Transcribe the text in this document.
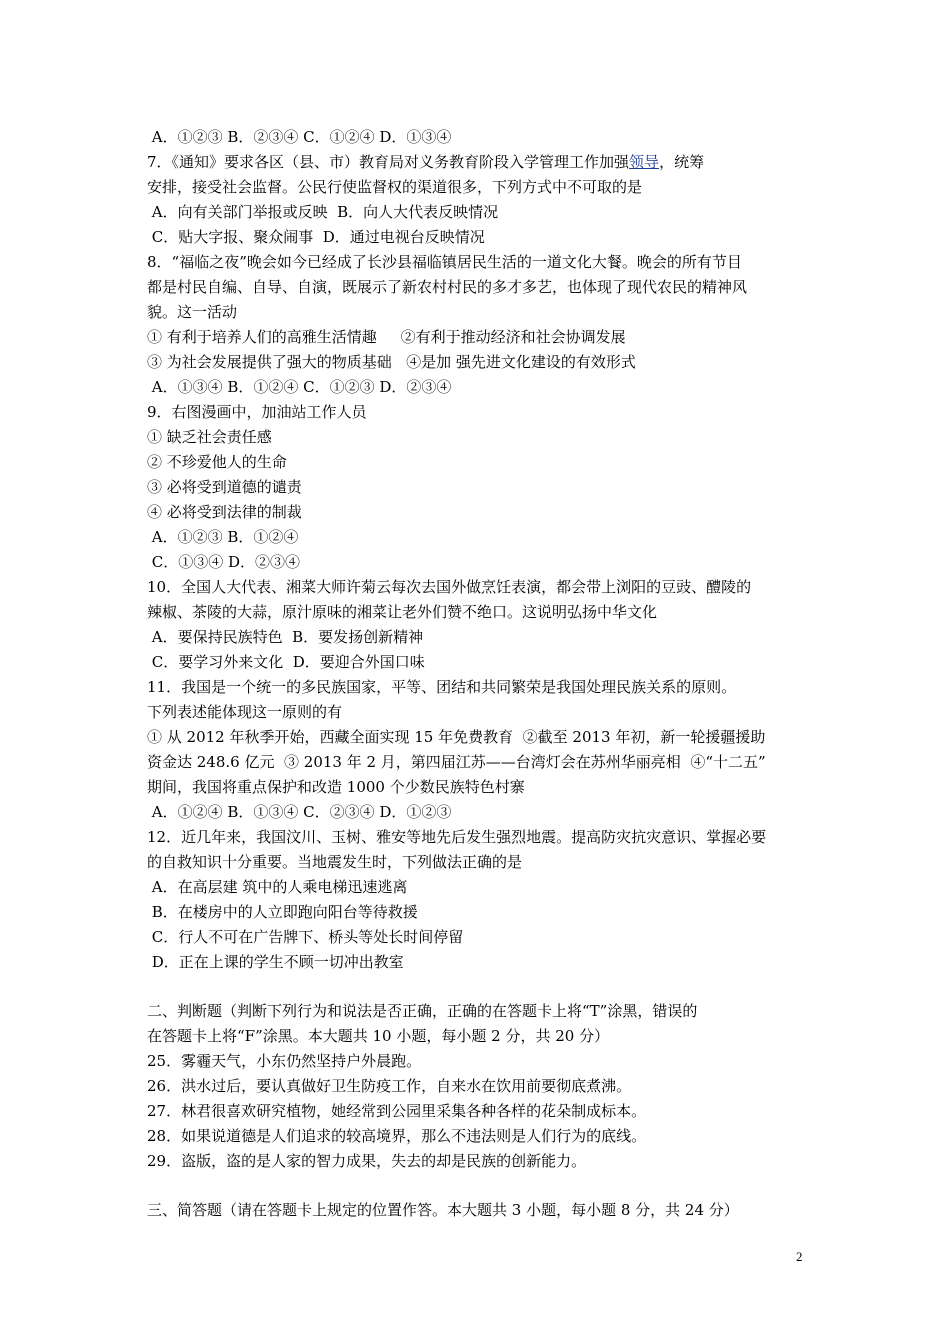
A．①②③ B．②③④ C．①②④ D．①③④
7．《通知》要求各区（县、市）教育局对义务教育阶段入学管理工作加强领导，统筹
安排，接受社会监督。公民行使监督权的渠道很多，下列方式中不可取的是
A．向有关部门举报或反映  B．向人大代表反映情况
C．贴大字报、聚众闹事  D．通过电视台反映情况
8．“福临之夜”晚会如今已经成了长沙县福临镇居民生活的一道文化大餐。晚会的所有节目
都是村民自编、自导、自演，既展示了新农村村民的多才多艺，也体现了现代农民的精神风
貌。这一活动
① 有利于培养人们的高雅生活情趣     ②有利于推动经济和社会协调发展
③ 为社会发展提供了强大的物质基础   ④是加 强先进文化建设的有效形式
A．①③④ B．①②④ C．①②③ D．②③④
9．右图漫画中，加油站工作人员
① 缺乏社会责任感
② 不珍爱他人的生命
③ 必将受到道德的谴责
④ 必将受到法律的制裁
A．①②③ B．①②④
C．①③④ D．②③④
10．全国人大代表、湘菜大师许菊云每次去国外做烹饪表演，都会带上浏阳的豆豉、醴陵的
辣椒、茶陵的大蒜，原汁原味的湘菜让老外们赞不绝口。这说明弘扬中华文化
A．要保持民族特色  B．要发扬创新精神
C．要学习外来文化  D．要迎合外国口味
11．我国是一个统一的多民族国家，平等、团结和共同繁荣是我国处理民族关系的原则。
下列表述能体现这一原则的有
① 从 2012 年秋季开始，西藏全面实现 15 年免费教育  ②截至 2013 年初，新一轮援疆援助
资金达 248.6 亿元  ③ 2013 年 2 月，第四届江苏——台湾灯会在苏州华丽亮相  ④“十二五”
期间，我国将重点保护和改造 1000 个少数民族特色村寨
A．①②④ B．①③④ C．②③④ D．①②③
12．近几年来，我国汶川、玉树、雅安等地先后发生强烈地震。提高防灾抗灾意识、掌握必要
的自救知识十分重要。当地震发生时，下列做法正确的是
A．在高层建 筑中的人乘电梯迅速逃离
B．在楼房中的人立即跑向阳台等待救援
C．行人不可在广告牌下、桥头等处长时间停留
D．正在上课的学生不顾一切冲出教室
二、判断题（判断下列行为和说法是否正确，正确的在答题卡上将“T”涂黑，错误的
在答题卡上将“F”涂黑。本大题共 10 小题，每小题 2 分，共 20 分）
25．雾霾天气，小东仍然坚持户外晨跑。
26．洪水过后，要认真做好卫生防疫工作，自来水在饮用前要彻底煮沸。
27．林君很喜欢研究植物，她经常到公园里采集各种各样的花朵制成标本。
28．如果说道德是人们追求的较高境界，那么不违法则是人们行为的底线。
29．盗版，盗的是人家的智力成果，失去的却是民族的创新能力。
三、简答题（请在答题卡上规定的位置作答。本大题共 3 小题，每小题 8 分，共 24 分）
2
